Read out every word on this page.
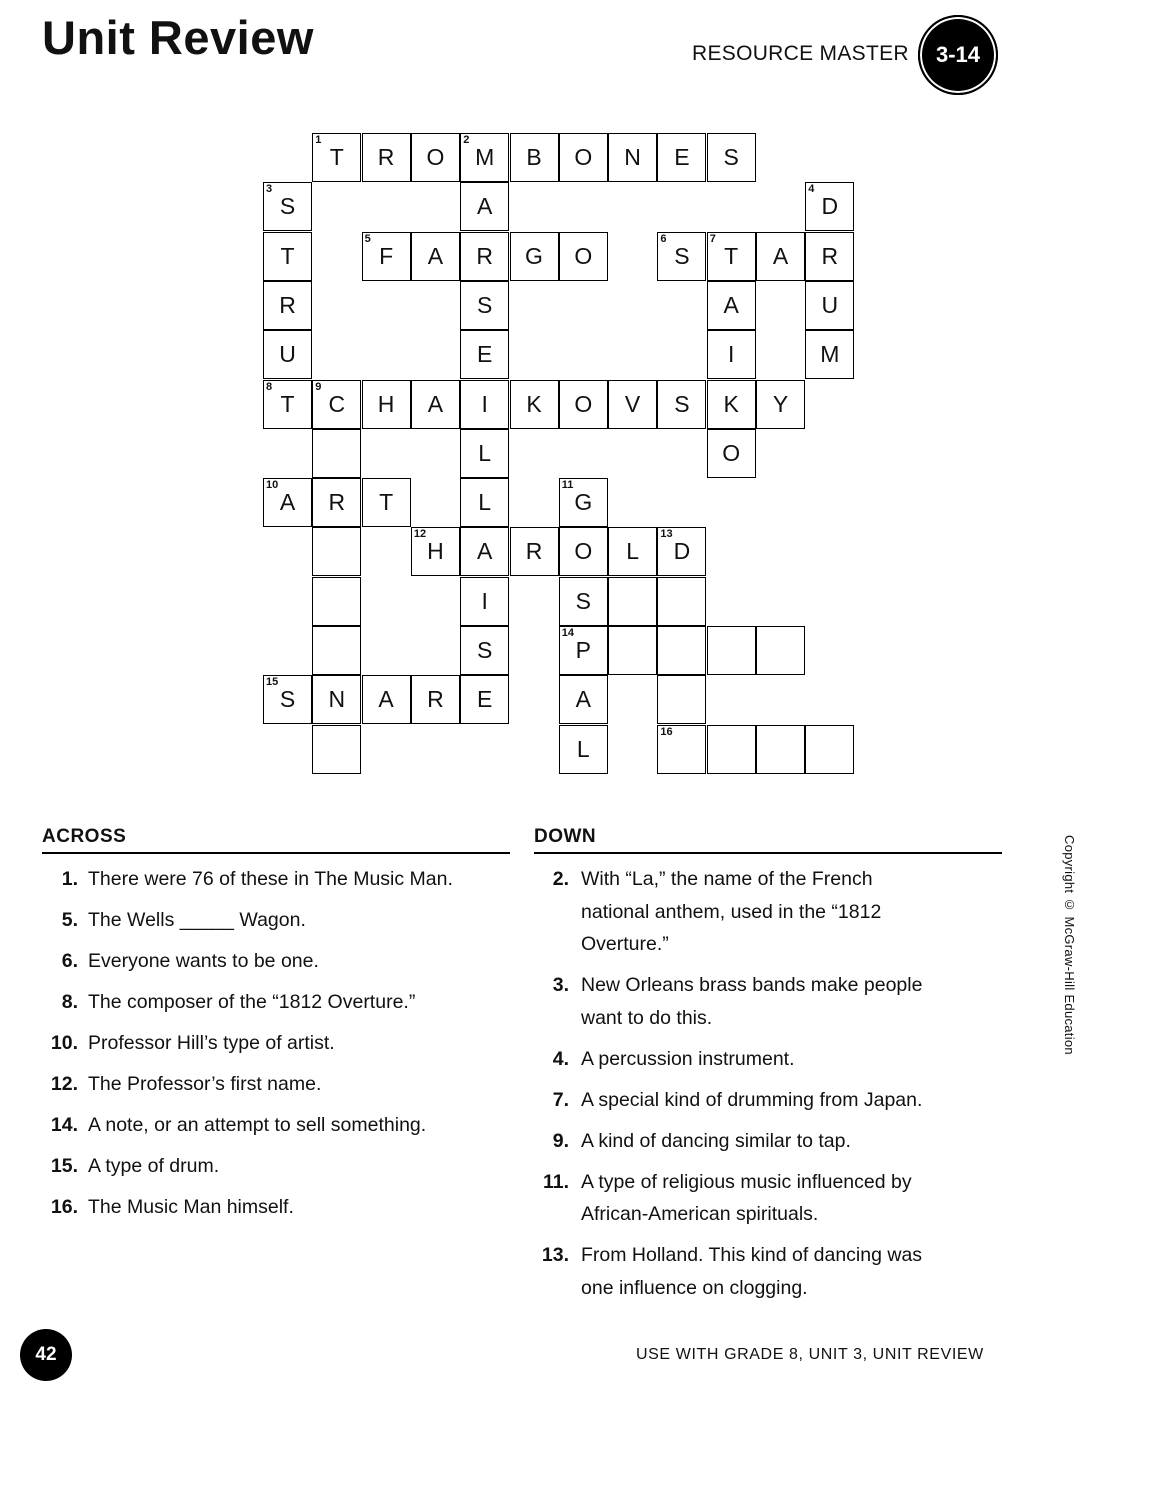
Unit Review	RESOURCE MASTER	3-14
1
T	R	O
2
M	B	O	N	E	S
3
S	A
4
D
T
5
F	A	R	G	O
6
S
7
T	A	R
R	S	A	U
U	E	I	M
8
T
9
C	H	A	I	K	O	V	S	K	Y
L	O
10
A	R	T	L
11
G
12
H	A	R	O	L
13
D
I	S
S
14
P
15
S	N	A	R	E	A
L
16
ACROSS
1. There were 76 of these in The Music Man.
5. The Wells _____ Wagon.
6. Everyone wants to be one.
8. The composer of the “1812 Overture.”
10. Professor Hill’s type of artist.
12. The Professor’s first name.
14. A note, or an attempt to sell something.
15. A type of drum.
16. The Music Man himself.
DOWN
2. With “La,” the name of the French
national anthem, used in the “1812
Overture.”
3. New Orleans brass bands make people
want to do this.
4. A percussion instrument.
7. A special kind of drumming from Japan.
9. A kind of dancing similar to tap.
11. A type of religious music influenced by
African-American spirituals.
13. From Holland. This kind of dancing was
one influence on clogging.
Copyright © McGraw-Hill Education
42	USE WITH GRADE 8, UNIT 3, UNIT REVIEW
